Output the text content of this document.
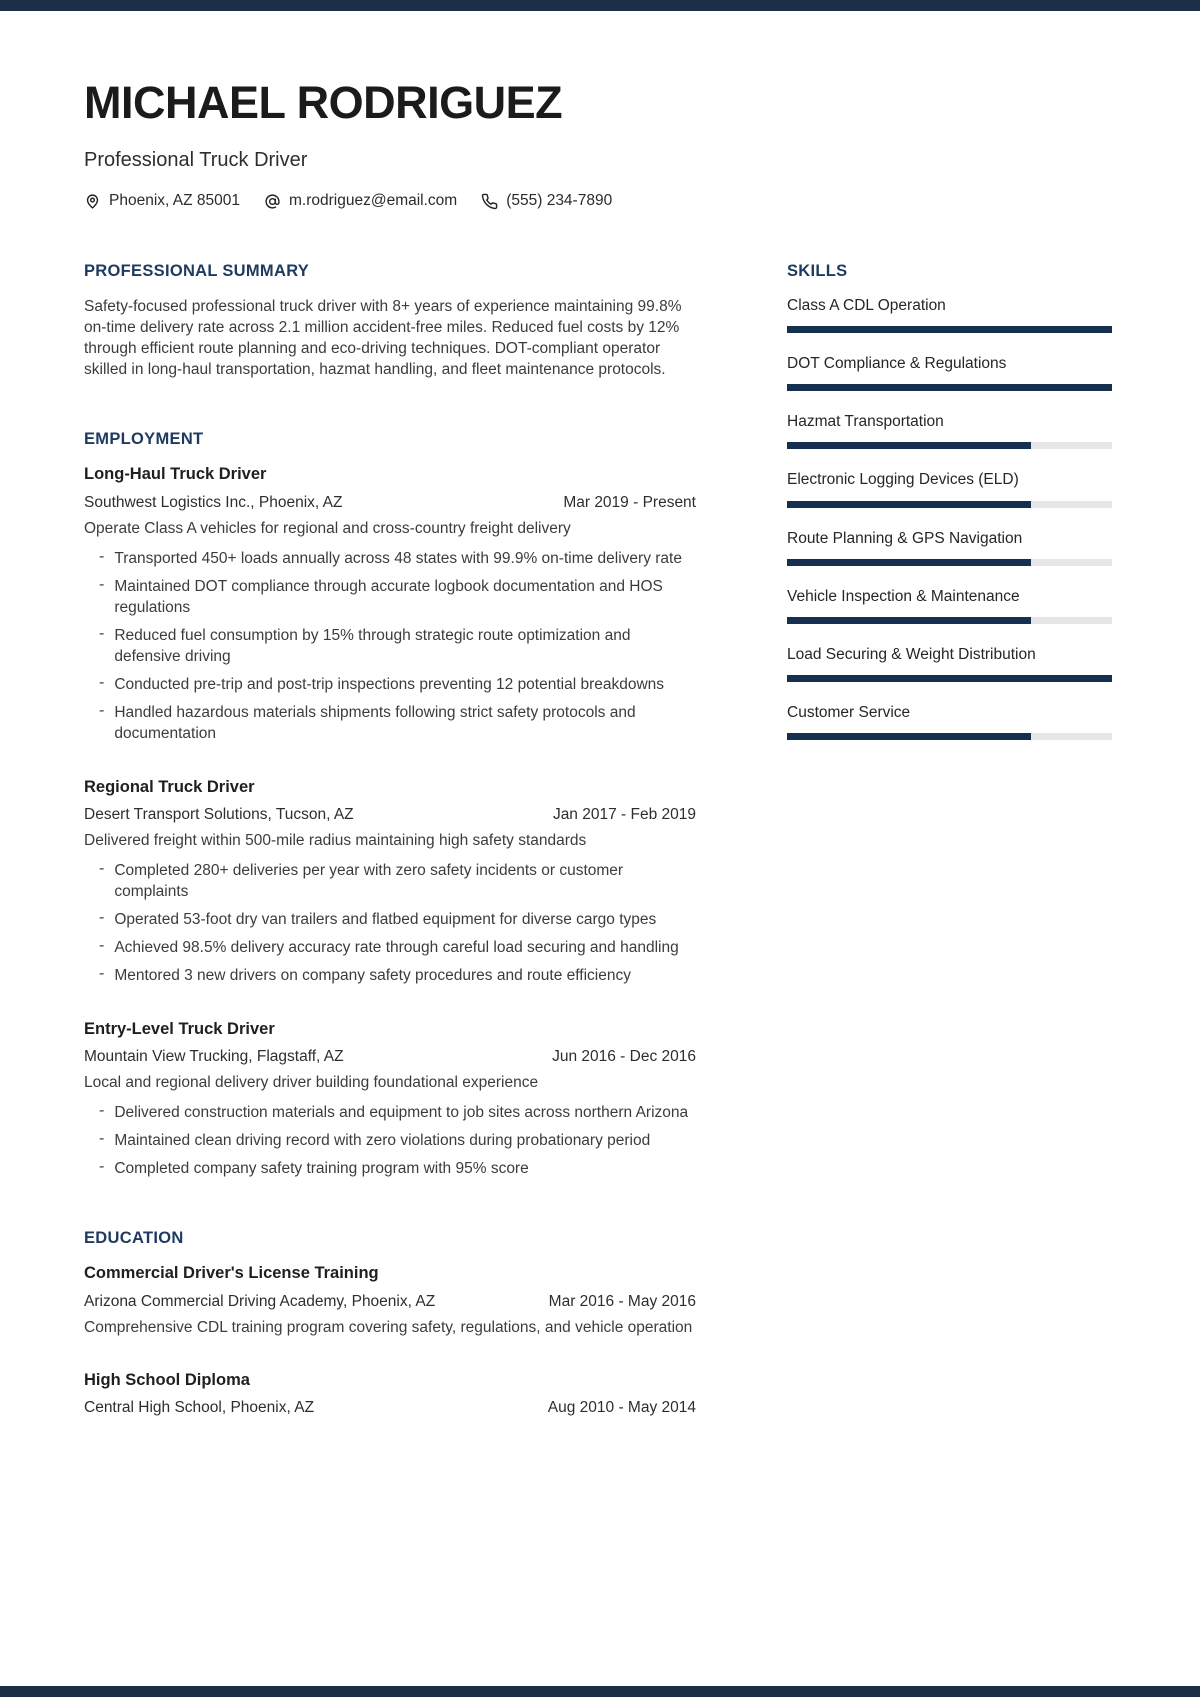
MICHAEL RODRIGUEZ
Professional Truck Driver
Phoenix, AZ 85001	m.rodriguez@email.com	(555) 234-7890
PROFESSIONAL SUMMARY
Safety-focused professional truck driver with 8+ years of experience maintaining 99.8% on-time delivery rate across 2.1 million accident-free miles. Reduced fuel costs by 12% through efficient route planning and eco-driving techniques. DOT-compliant operator skilled in long-haul transportation, hazmat handling, and fleet maintenance protocols.
EMPLOYMENT
Long-Haul Truck Driver
Southwest Logistics Inc., Phoenix, AZ	Mar 2019 - Present
Operate Class A vehicles for regional and cross-country freight delivery
- Transported 450+ loads annually across 48 states with 99.9% on-time delivery rate
- Maintained DOT compliance through accurate logbook documentation and HOS regulations
- Reduced fuel consumption by 15% through strategic route optimization and defensive driving
- Conducted pre-trip and post-trip inspections preventing 12 potential breakdowns
- Handled hazardous materials shipments following strict safety protocols and documentation
Regional Truck Driver
Desert Transport Solutions, Tucson, AZ	Jan 2017 - Feb 2019
Delivered freight within 500-mile radius maintaining high safety standards
- Completed 280+ deliveries per year with zero safety incidents or customer complaints
- Operated 53-foot dry van trailers and flatbed equipment for diverse cargo types
- Achieved 98.5% delivery accuracy rate through careful load securing and handling
- Mentored 3 new drivers on company safety procedures and route efficiency
Entry-Level Truck Driver
Mountain View Trucking, Flagstaff, AZ	Jun 2016 - Dec 2016
Local and regional delivery driver building foundational experience
- Delivered construction materials and equipment to job sites across northern Arizona
- Maintained clean driving record with zero violations during probationary period
- Completed company safety training program with 95% score
EDUCATION
Commercial Driver's License Training
Arizona Commercial Driving Academy, Phoenix, AZ	Mar 2016 - May 2016
Comprehensive CDL training program covering safety, regulations, and vehicle operation
High School Diploma
Central High School, Phoenix, AZ	Aug 2010 - May 2014
SKILLS
Class A CDL Operation
DOT Compliance & Regulations
Hazmat Transportation
Electronic Logging Devices (ELD)
Route Planning & GPS Navigation
Vehicle Inspection & Maintenance
Load Securing & Weight Distribution
Customer Service
